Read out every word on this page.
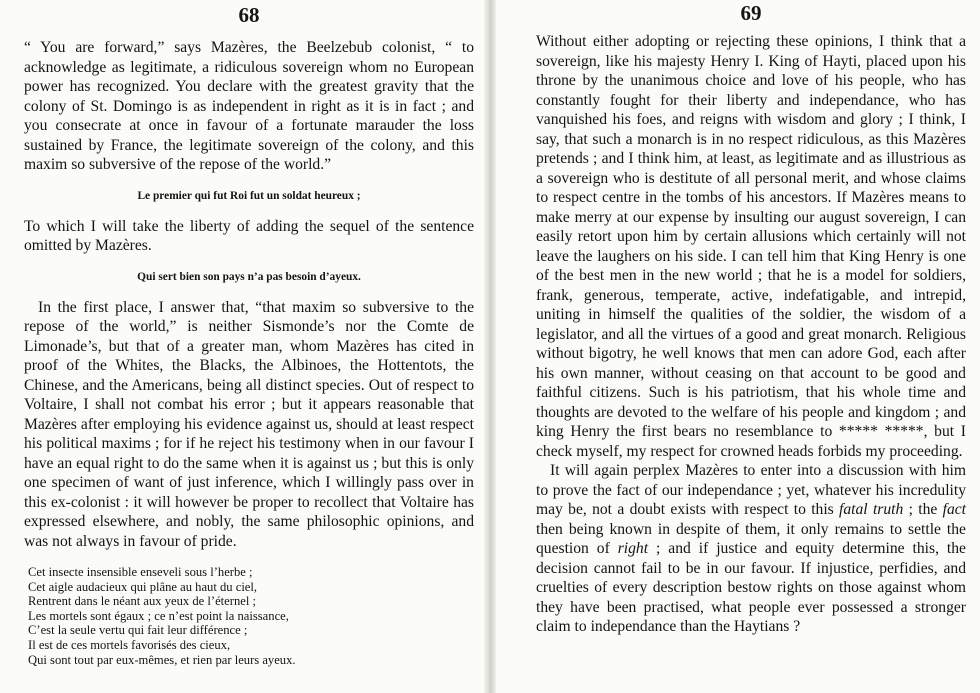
68
“ You are forward,” says Mazères, the Beelzebub colonist, “ to acknowledge as legitimate, a ridiculous sovereign whom no European power has recognized. You declare with the greatest gravity that the colony of St. Domingo is as independent in right as it is in fact ; and you consecrate at once in favour of a fortunate marauder the loss sustained by France, the legitimate sovereign of the colony, and this maxim so subversive of the repose of the world.”
Le premier qui fut Roi fut un soldat heureux ;
To which I will take the liberty of adding the sequel of the sentence omitted by Mazères.
Qui sert bien son pays n’a pas besoin d’ayeux.
In the first place, I answer that, “that maxim so subversive to the repose of the world,” is neither Sismonde’s nor the Comte de Limonade’s, but that of a greater man, whom Mazères has cited in proof of the Whites, the Blacks, the Albinoes, the Hottentots, the Chinese, and the Americans, being all distinct species. Out of respect to Voltaire, I shall not combat his error ; but it appears reasonable that Mazères after employing his evidence against us, should at least respect his political maxims ; for if he reject his testimony when in our favour I have an equal right to do the same when it is against us ; but this is only one specimen of want of just inference, which I willingly pass over in this ex-colonist : it will however be proper to recollect that Voltaire has expressed elsewhere, and nobly, the same philosophic opinions, and was not always in favour of pride.
Cet insecte insensible enseveli sous l’herbe ;
Cet aigle audacieux qui plâne au haut du ciel,
Rentrent dans le néant aux yeux de l’éternel ;
Les mortels sont égaux ; ce n’est point la naissance,
C’est la seule vertu qui fait leur différence ;
Il est de ces mortels favorisés des cieux,
Qui sont tout par eux-mêmes, et rien par leurs ayeux.
69
Without either adopting or rejecting these opinions, I think that a sovereign, like his majesty Henry I. King of Hayti, placed upon his throne by the unanimous choice and love of his people, who has constantly fought for their liberty and independance, who has vanquished his foes, and reigns with wisdom and glory ; I think, I say, that such a monarch is in no respect ridiculous, as this Mazères pretends ; and I think him, at least, as legitimate and as illustrious as a sovereign who is destitute of all personal merit, and whose claims to respect centre in the tombs of his ancestors. If Mazères means to make merry at our expense by insulting our august sovereign, I can easily retort upon him by certain allusions which certainly will not leave the laughers on his side. I can tell him that King Henry is one of the best men in the new world ; that he is a model for soldiers, frank, generous, temperate, active, indefatigable, and intrepid, uniting in himself the qualities of the soldier, the wisdom of a legislator, and all the virtues of a good and great monarch. Religious without bigotry, he well knows that men can adore God, each after his own manner, without ceasing on that account to be good and faithful citizens. Such is his patriotism, that his whole time and thoughts are devoted to the welfare of his people and kingdom ; and king Henry the first bears no resemblance to ***** *****, but I check myself, my respect for crowned heads forbids my proceeding.
It will again perplex Mazères to enter into a discussion with him to prove the fact of our independance ; yet, whatever his incredulity may be, not a doubt exists with respect to this fatal truth ; the fact then being known in despite of them, it only remains to settle the question of right ; and if justice and equity determine this, the decision cannot fail to be in our favour. If injustice, perfidies, and cruelties of every description bestow rights on those against whom they have been practised, what people ever possessed a stronger claim to independance than the Haytians ?
